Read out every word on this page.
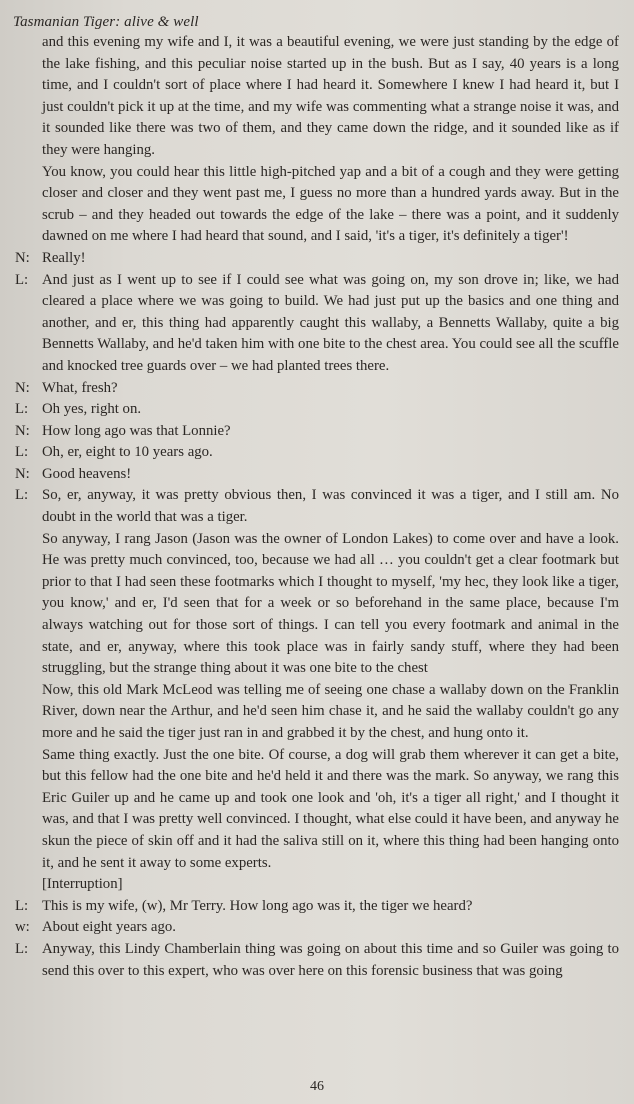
Tasmanian Tiger: alive & well

and this evening my wife and I, it was a beautiful evening, we were just standing by the edge of the lake fishing, and this peculiar noise started up in the bush. But as I say, 40 years is a long time, and I couldn't sort of place where I had heard it. Somewhere I knew I had heard it, but I just couldn't pick it up at the time, and my wife was commenting what a strange noise it was, and it sounded like there was two of them, and they came down the ridge, and it sounded like as if they were hanging.

You know, you could hear this little high-pitched yap and a bit of a cough and they were getting closer and closer and they went past me, I guess no more than a hundred yards away. But in the scrub – and they headed out towards the edge of the lake – there was a point, and it suddenly dawned on me where I had heard that sound, and I said, 'it's a tiger, it's definitely a tiger'!

N: Really!
L: And just as I went up to see if I could see what was going on, my son drove in; like, we had cleared a place where we was going to build. We had just put up the basics and one thing and another, and er, this thing had apparently caught this wallaby, a Bennetts Wallaby, quite a big Bennetts Wallaby, and he'd taken him with one bite to the chest area. You could see all the scuffle and knocked tree guards over – we had planted trees there.
N: What, fresh?
L: Oh yes, right on.
N: How long ago was that Lonnie?
L: Oh, er, eight to 10 years ago.
N: Good heavens!
L: So, er, anyway, it was pretty obvious then, I was convinced it was a tiger, and I still am. No doubt in the world that was a tiger.

So anyway, I rang Jason (Jason was the owner of London Lakes) to come over and have a look. He was pretty much convinced, too, because we had all … you couldn't get a clear footmark but prior to that I had seen these footmarks which I thought to myself, 'my hec, they look like a tiger, you know,' and er, I'd seen that for a week or so beforehand in the same place, because I'm always watching out for those sort of things. I can tell you every footmark and animal in the state, and er, anyway, where this took place was in fairly sandy stuff, where they had been struggling, but the strange thing about it was one bite to the chest

Now, this old Mark McLeod was telling me of seeing one chase a wallaby down on the Franklin River, down near the Arthur, and he'd seen him chase it, and he said the wallaby couldn't go any more and he said the tiger just ran in and grabbed it by the chest, and hung onto it.

Same thing exactly. Just the one bite. Of course, a dog will grab them wherever it can get a bite, but this fellow had the one bite and he'd held it and there was the mark. So anyway, we rang this Eric Guiler up and he came up and took one look and 'oh, it's a tiger all right,' and I thought it was, and that I was pretty well convinced. I thought, what else could it have been, and anyway he skun the piece of skin off and it had the saliva still on it, where this thing had been hanging onto it, and he sent it away to some experts.

[Interruption]

L: This is my wife, (w), Mr Terry. How long ago was it, the tiger we heard?
w: About eight years ago.
L: Anyway, this Lindy Chamberlain thing was going on about this time and so Guiler was going to send this over to this expert, who was over here on this forensic business that was going
46
